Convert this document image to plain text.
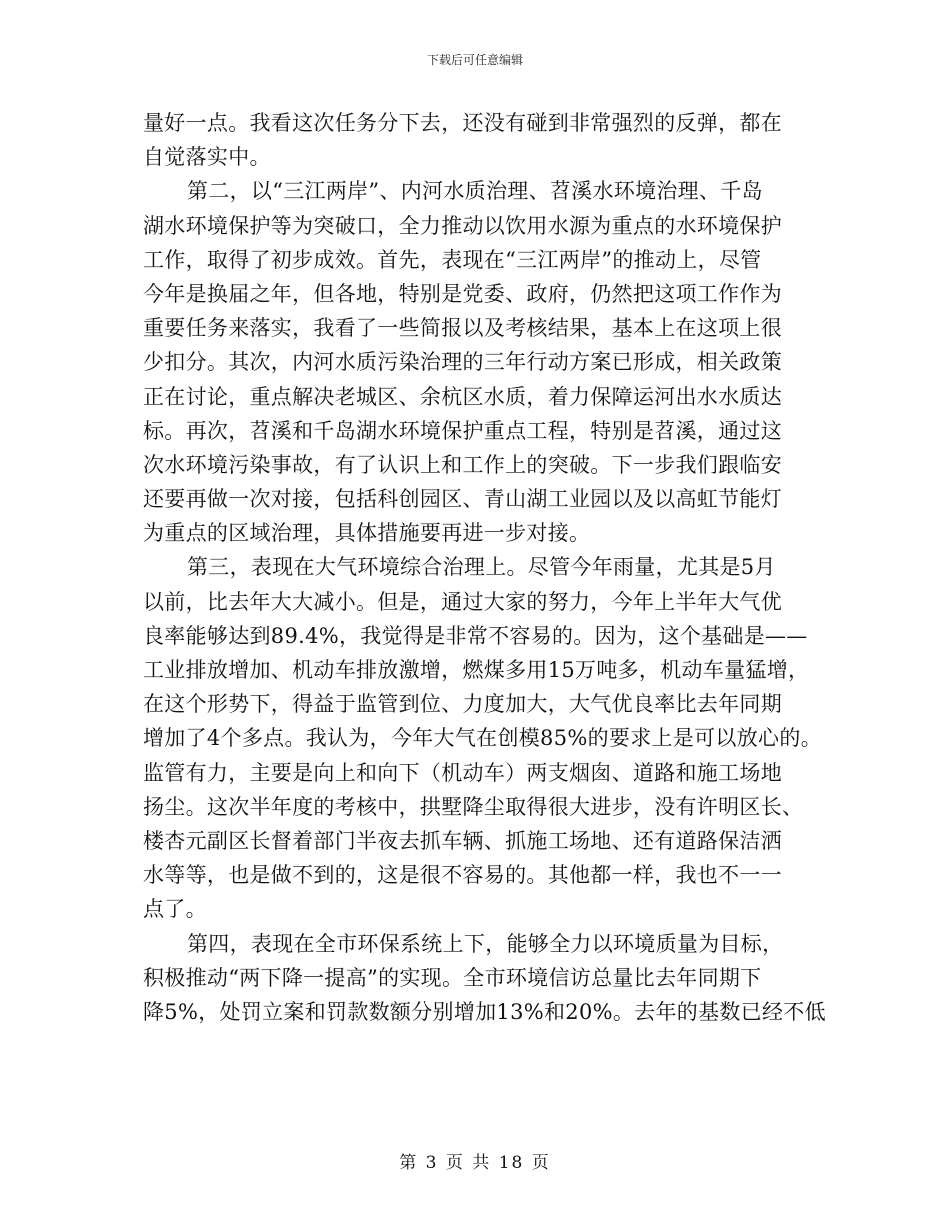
下载后可任意编辑
量好一点。我看这次任务分下去，还没有碰到非常强烈的反弹，都在
自觉落实中。
第二，以“三江两岸”、内河水质治理、苕溪水环境治理、千岛
湖水环境保护等为突破口，全力推动以饮用水源为重点的水环境保护
工作，取得了初步成效。首先，表现在“三江两岸”的推动上，尽管
今年是换届之年，但各地，特别是党委、政府，仍然把这项工作作为
重要任务来落实，我看了一些简报以及考核结果，基本上在这项上很
少扣分。其次，内河水质污染治理的三年行动方案已形成，相关政策
正在讨论，重点解决老城区、余杭区水质，着力保障运河出水水质达
标。再次，苕溪和千岛湖水环境保护重点工程，特别是苕溪，通过这
次水环境污染事故，有了认识上和工作上的突破。下一步我们跟临安
还要再做一次对接，包括科创园区、青山湖工业园以及以高虹节能灯
为重点的区域治理，具体措施要再进一步对接。
第三，表现在大气环境综合治理上。尽管今年雨量，尤其是5月
以前，比去年大大减小。但是，通过大家的努力，今年上半年大气优
良率能够达到89.4%，我觉得是非常不容易的。因为，这个基础是——
工业排放增加、机动车排放激增，燃煤多用15万吨多，机动车量猛增，
在这个形势下，得益于监管到位、力度加大，大气优良率比去年同期
增加了4个多点。我认为，今年大气在创模85%的要求上是可以放心的。
监管有力，主要是向上和向下（机动车）两支烟囱、道路和施工场地
扬尘。这次半年度的考核中，拱墅降尘取得很大进步，没有许明区长、
楼杏元副区长督着部门半夜去抓车辆、抓施工场地、还有道路保洁洒
水等等，也是做不到的，这是很不容易的。其他都一样，我也不一一
点了。
第四，表现在全市环保系统上下，能够全力以环境质量为目标，
积极推动“两下降一提高”的实现。全市环境信访总量比去年同期下
降5%，处罚立案和罚款数额分别增加13%和20%。去年的基数已经不低
第 3 页 共 18 页
